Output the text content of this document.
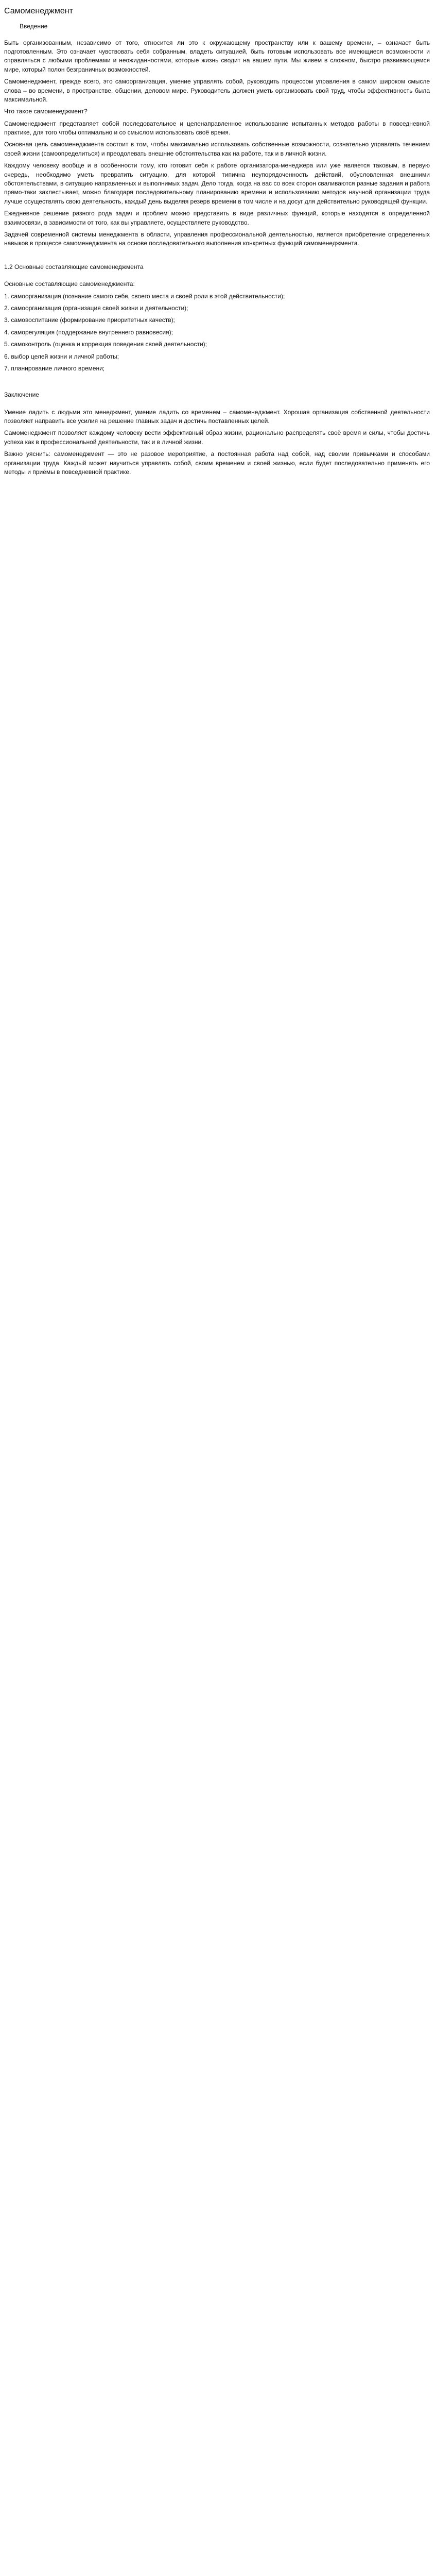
Самоменеджмент
Введение

Быть организованным, независимо от того, относится ли это к окружающему пространству или к вашему времени, – означает быть подготовленным. Это означает чувствовать себя собранным, владеть ситуацией, быть готовым использовать все имеющиеся возможности и справляться с любыми проблемами и неожиданностями, которые жизнь сводит на вашем пути. Мы живем в сложном, быстро развивающемся мире, который полон безграничных возможностей.

Самоменеджмент, прежде всего, это самоорганизация, умение управлять собой, руководить процессом управления в самом широком смысле слова – во времени, в пространстве, общении, деловом мире. Руководитель должен уметь организовать свой труд, чтобы эффективность была максимальной.

Что такое самоменеджмент?

Самоменеджмент представляет собой последовательное и целенаправленное использование испытанных методов работы в повседневной практике, для того чтобы оптимально и со смыслом использовать своё время.

Основная цель самоменеджмента состоит в том, чтобы максимально использовать собственные возможности, сознательно управлять течением своей жизни (самоопределиться) и преодолевать внешние обстоятельства как на работе, так и в личной жизни.

Каждому человеку вообще и в особенности тому, кто готовит себя к работе организатора-менеджера или уже является таковым, в первую очередь, необходимо уметь превратить ситуацию, для которой типична неупорядоченность действий, обусловленная внешними обстоятельствами, в ситуацию направленных и выполнимых задач. Дело тогда, когда на вас со всех сторон сваливаются разные задания и работа прямо-таки захлестывает, можно благодаря последовательному планированию времени и использованию методов научной организации труда лучше осуществлять свою деятельность, каждый день выделяя резерв времени в том числе и на досуг для действительно руководящей функции.

Ежедневное решение разного рода задач и проблем можно представить в виде различных функций, которые находятся в определенной взаимосвязи, в зависимости от того, как вы управляете, осуществляете руководство.

Задачей современной системы менеджмента в области, управления профессиональной деятельностью, является приобретение определенных навыков в процессе самоменеджмента на основе последовательного выполнения конкретных функций самоменеджмента.

1.2 Основные составляющие самоменеджмента

Основные составляющие самоменеджмента:

1. самоорганизация (познание самого себя, своего места и своей роли в этой действительности);

2. самоорганизация (организация своей жизни и деятельности);

3. самовоспитание (формирование приоритетных качеств);

4. саморегуляция (поддержание внутреннего равновесия);

5. самоконтроль (оценка и коррекция поведения своей деятельности);

6. выбор целей жизни и личной работы;

7. планирование личного времени;

Заключение

Умение ладить с людьми это менеджмент, умение ладить со временем – самоменеджмент. Хорошая организация собственной деятельности позволяет направить все усилия на решение главных задач и достичь поставленных целей.

Самоменеджмент позволяет каждому человеку вести эффективный образ жизни, рационально распределять своё время и силы, чтобы достичь успеха как в профессиональной деятельности, так и в личной жизни.

Важно уяснить: самоменеджмент — это не разовое мероприятие, а постоянная работа над собой, над своими привычками и способами организации труда. Каждый может научиться управлять собой, своим временем и своей жизнью, если будет последовательно применять его методы и приёмы в повседневной практике.
